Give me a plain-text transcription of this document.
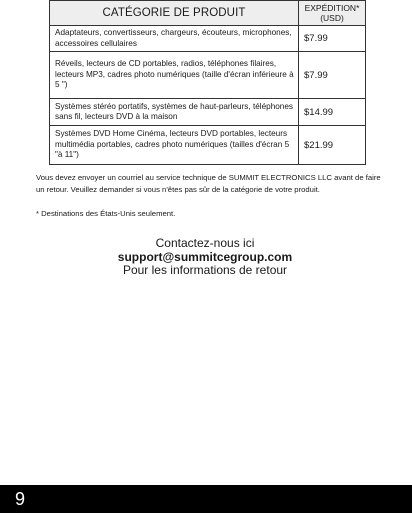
CATÉGORIE DE PRODUIT	EXPÉDITION*
(USD)
Adaptateurs, convertisseurs, chargeurs, écouteurs, microphones, accessoires cellulaires	$7.99
Réveils, lecteurs de CD portables, radios, téléphones filaires, lecteurs MP3, cadres photo numériques (taille d'écran inférieure à 5 ")	$7.99
Systèmes stéréo portatifs, systèmes de haut-parleurs, téléphones sans fil, lecteurs DVD à la maison	$14.99
Systèmes DVD Home Cinéma, lecteurs DVD portables, lecteurs multimédia portables, cadres photo numériques (tailles d'écran 5 "à 11")	$21.99

Vous devez envoyer un courriel au service technique de SUMMIT ELECTRONICS LLC avant de faire un retour. Veuillez demander si vous n'êtes pas sûr de la catégorie de votre produit.

* Destinations des États-Unis seulement.

Contactez-nous ici
support@summitcegroup.com
Pour les informations de retour
9
